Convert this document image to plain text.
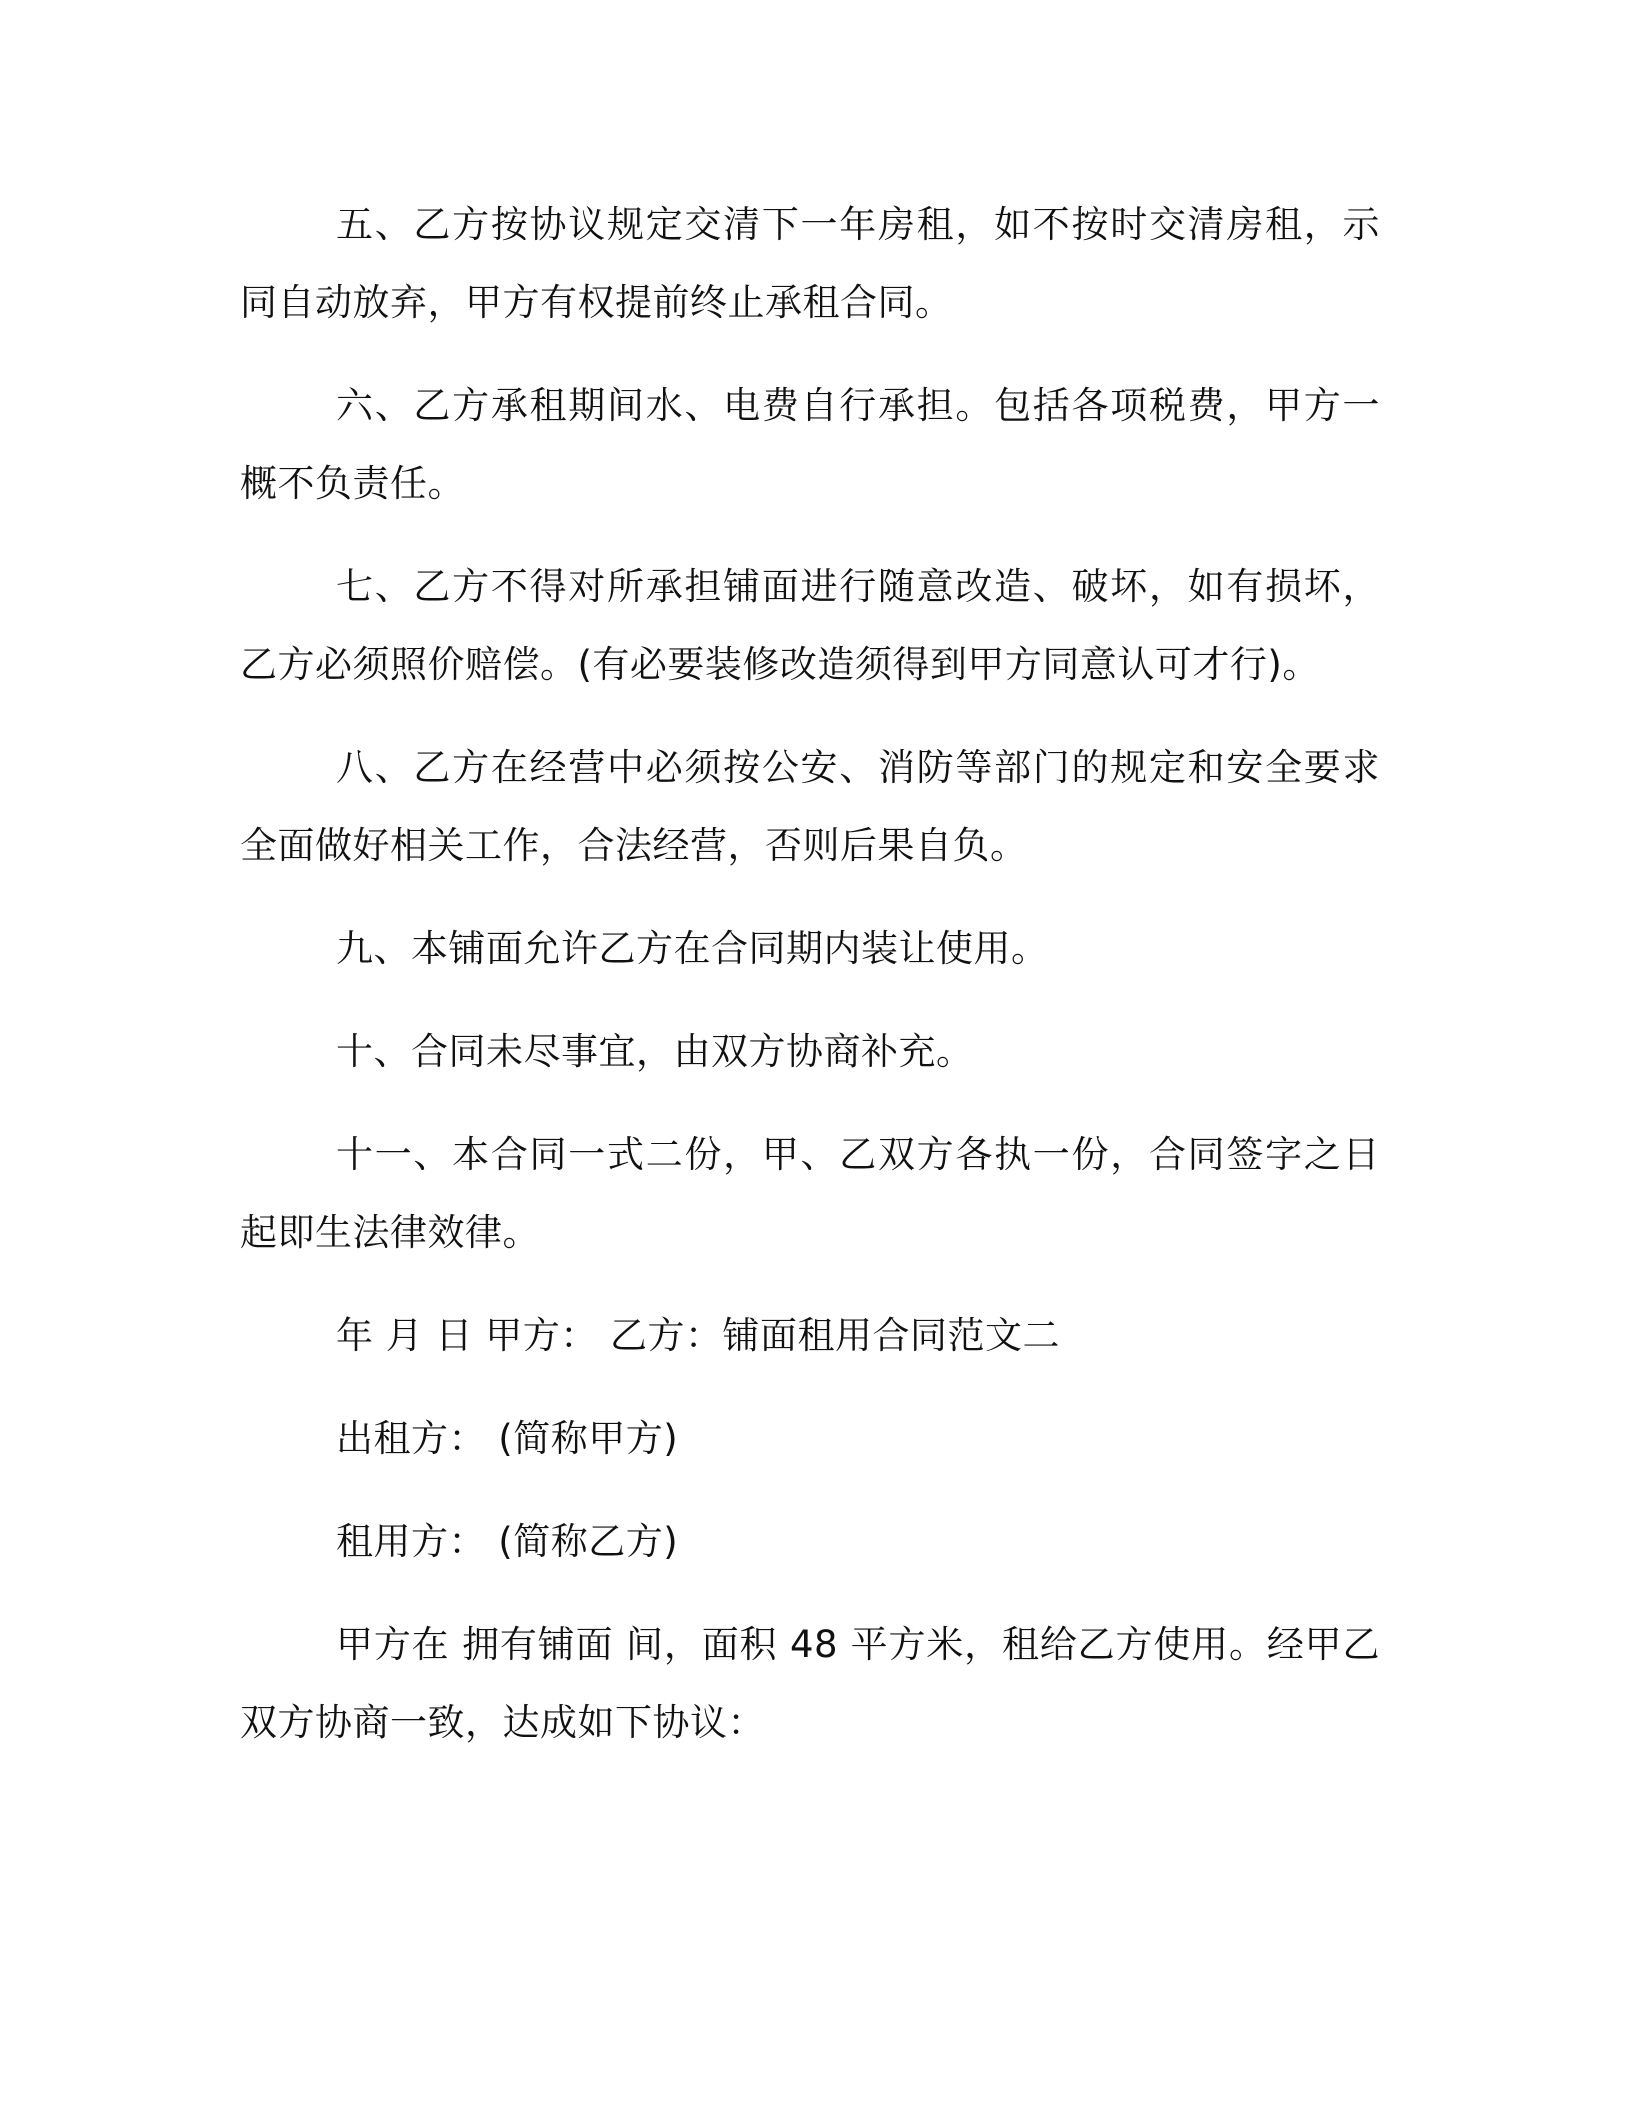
五、乙方按协议规定交清下一年房租，如不按时交清房租，示同自动放弃，甲方有权提前终止承租合同。

六、乙方承租期间水、电费自行承担。包括各项税费，甲方一概不负责任。

七、乙方不得对所承担铺面进行随意改造、破坏，如有损坏，乙方必须照价赔偿。(有必要装修改造须得到甲方同意认可才行)。

八、乙方在经营中必须按公安、消防等部门的规定和安全要求全面做好相关工作，合法经营，否则后果自负。

九、本铺面允许乙方在合同期内装让使用。

十、合同未尽事宜，由双方协商补充。

十一、本合同一式二份，甲、乙双方各执一份，合同签字之日起即生法律效律。

年 月 日 甲方： 乙方：铺面租用合同范文二

出租方： (简称甲方)

租用方： (简称乙方)

甲方在 拥有铺面 间，面积 48 平方米，租给乙方使用。经甲乙双方协商一致，达成如下协议：
